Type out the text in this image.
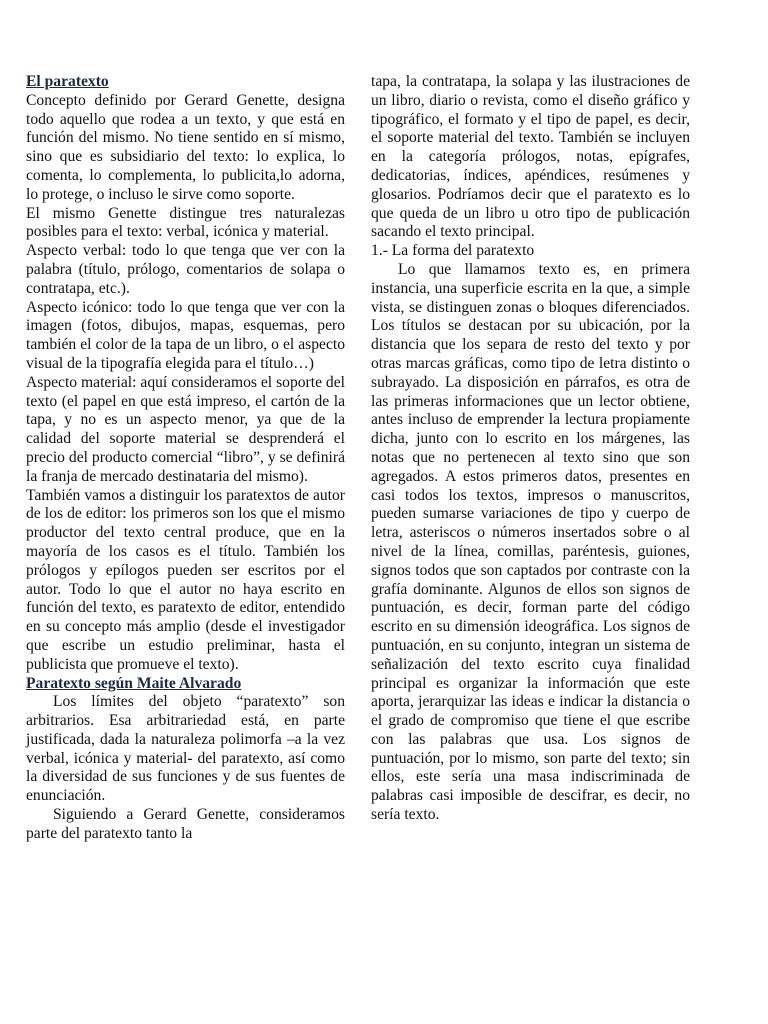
El paratexto

Concepto definido por Gerard Genette, designa todo aquello que rodea a un texto, y que está en función del mismo. No tiene sentido en sí mismo, sino que es subsidiario del texto: lo explica, lo comenta, lo complementa, lo publicita,lo adorna, lo protege, o incluso le sirve como soporte.

El mismo Genette distingue tres naturalezas posibles para el texto: verbal, icónica y material.

Aspecto verbal: todo lo que tenga que ver con la palabra (título, prólogo, comentarios de solapa o contratapa, etc.).

Aspecto icónico: todo lo que tenga que ver con la imagen (fotos, dibujos, mapas, esquemas, pero también el color de la tapa de un libro, o el aspecto visual de la tipografía elegida para el título…)

Aspecto material: aquí consideramos el soporte del texto (el papel en que está impreso, el cartón de la tapa, y no es un aspecto menor, ya que de la calidad del soporte material se desprenderá el precio del producto comercial “libro”, y se definirá la franja de mercado destinataria del mismo).

También vamos a distinguir los paratextos de autor de los de editor: los primeros son los que el mismo productor del texto central produce, que en la mayoría de los casos es el título. También los prólogos y epílogos pueden ser escritos por el autor. Todo lo que el autor no haya escrito en función del texto, es paratexto de editor, entendido en su concepto más amplio (desde el investigador que escribe un estudio preliminar, hasta el publicista que promueve el texto).

Paratexto según Maite Alvarado

Los límites del objeto “paratexto” son arbitrarios. Esa arbitrariedad está, en parte justificada, dada la naturaleza polimorfa –a la vez verbal, icónica y material- del paratexto, así como la diversidad de sus funciones y de sus fuentes de enunciación.

Siguiendo a Gerard Genette, consideramos parte del paratexto tanto la

tapa, la contratapa, la solapa y las ilustraciones de un libro, diario o revista, como el diseño gráfico y tipográfico, el formato y el tipo de papel, es decir, el soporte material del texto. También se incluyen en la categoría prólogos, notas, epígrafes, dedicatorias, índices, apéndices, resúmenes y glosarios. Podríamos decir que el paratexto es lo que queda de un libro u otro tipo de publicación sacando el texto principal.

1.- La forma del paratexto

Lo que llamamos texto es, en primera instancia, una superficie escrita en la que, a simple vista, se distinguen zonas o bloques diferenciados. Los títulos se destacan por su ubicación, por la distancia que los separa de resto del texto y por otras marcas gráficas, como tipo de letra distinto o subrayado. La disposición en párrafos, es otra de las primeras informaciones que un lector obtiene, antes incluso de emprender la lectura propiamente dicha, junto con lo escrito en los márgenes, las notas que no pertenecen al texto sino que son agregados. A estos primeros datos, presentes en casi todos los textos, impresos o manuscritos, pueden sumarse variaciones de tipo y cuerpo de letra, asteriscos o números insertados sobre o al nivel de la línea, comillas, paréntesis, guiones, signos todos que son captados por contraste con la grafía dominante. Algunos de ellos son signos de puntuación, es decir, forman parte del código escrito en su dimensión ideográfica. Los signos de puntuación, en su conjunto, integran un sistema de señalización del texto escrito cuya finalidad principal es organizar la información que este aporta, jerarquizar las ideas e indicar la distancia o el grado de compromiso que tiene el que escribe con las palabras que usa. Los signos de puntuación, por lo mismo, son parte del texto; sin ellos, este sería una masa indiscriminada de palabras casi imposible de descifrar, es decir, no sería texto.
